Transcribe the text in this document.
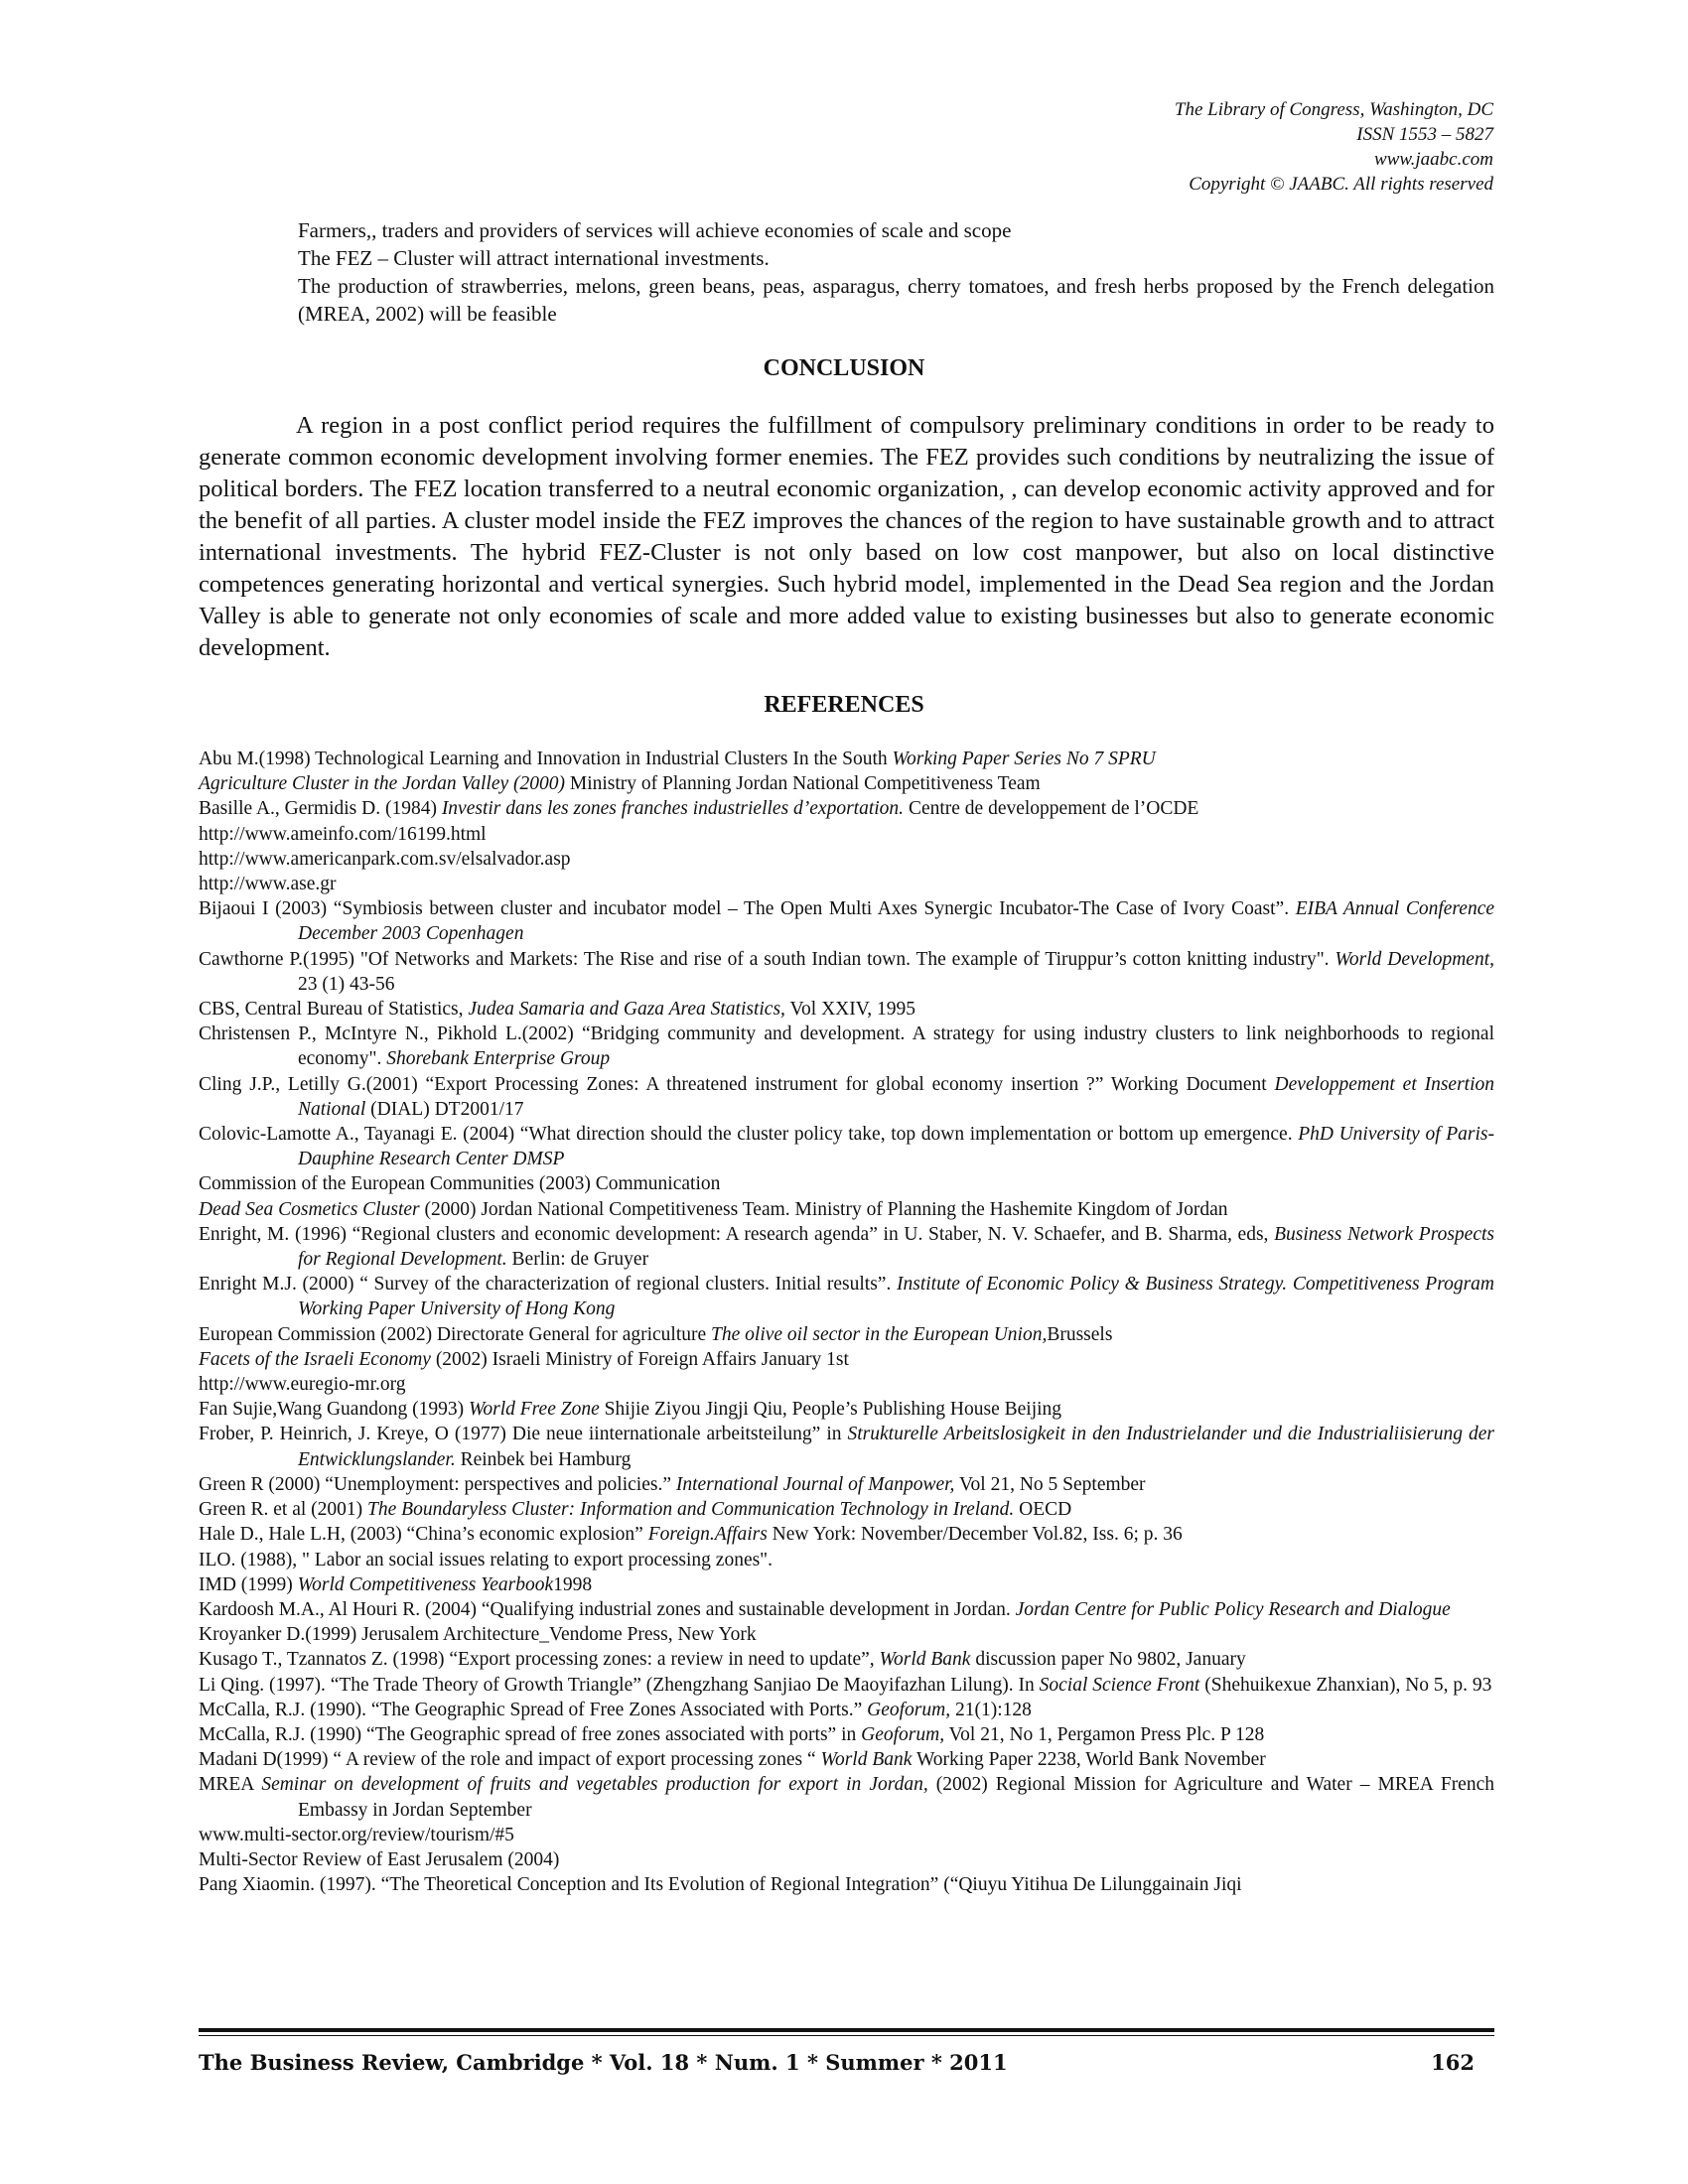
The Library of Congress, Washington, DC
ISSN 1553 – 5827
www.jaabc.com
Copyright © JAABC. All rights reserved

Farmers,, traders and providers of services will achieve economies of scale and scope

The FEZ – Cluster will attract international investments.

The production of strawberries, melons, green beans, peas, asparagus, cherry tomatoes, and fresh herbs proposed by the French delegation (MREA, 2002) will be feasible

CONCLUSION

A region in a post conflict period requires the fulfillment of compulsory preliminary conditions in order to be ready to generate common economic development involving former enemies. The FEZ provides such conditions by neutralizing the issue of political borders. The FEZ location transferred to a neutral economic organization, , can develop economic activity approved and for the benefit of all parties. A cluster model inside the FEZ improves the chances of the region to have sustainable growth and to attract international investments. The hybrid FEZ-Cluster is not only based on low cost manpower, but also on local distinctive competences generating horizontal and vertical synergies. Such hybrid model, implemented in the Dead Sea region and the Jordan Valley is able to generate not only economies of scale and more added value to existing businesses but also to generate economic development.

REFERENCES

Abu M.(1998) Technological Learning and Innovation in Industrial Clusters In the South Working Paper Series No 7 SPRU

Agriculture Cluster in the Jordan Valley (2000) Ministry of Planning Jordan National Competitiveness Team

Basille A., Germidis D. (1984) Investir dans les zones franches industrielles d’exportation. Centre de developpement de l’OCDE

http://www.ameinfo.com/16199.html

http://www.americanpark.com.sv/elsalvador.asp

http://www.ase.gr

Bijaoui I (2003) “Symbiosis between cluster and incubator model – The Open Multi Axes Synergic Incubator-The Case of Ivory Coast”. EIBA Annual Conference December 2003 Copenhagen

Cawthorne P.(1995) "Of Networks and Markets: The Rise and rise of a south Indian town. The example of Tiruppur’s cotton knitting industry". World Development, 23 (1) 43-56

CBS, Central Bureau of Statistics, Judea Samaria and Gaza Area Statistics, Vol XXIV, 1995

Christensen P., McIntyre N., Pikhold L.(2002) “Bridging community and development. A strategy for using industry clusters to link neighborhoods to regional economy". Shorebank Enterprise Group

Cling J.P., Letilly G.(2001) “Export Processing Zones: A threatened instrument for global economy insertion ?” Working Document Developpement et Insertion National (DIAL) DT2001/17

Colovic-Lamotte A., Tayanagi E. (2004) “What direction should the cluster policy take, top down implementation or bottom up emergence. PhD University of Paris-Dauphine Research Center DMSP

Commission of the European Communities (2003) Communication

Dead Sea Cosmetics Cluster (2000) Jordan National Competitiveness Team. Ministry of Planning the Hashemite Kingdom of Jordan

Enright, M. (1996) “Regional clusters and economic development: A research agenda” in U. Staber, N. V. Schaefer, and B. Sharma, eds, Business Network Prospects for Regional Development. Berlin: de Gruyer

Enright M.J. (2000) “ Survey of the characterization of regional clusters. Initial results”. Institute of Economic Policy & Business Strategy. Competitiveness Program Working Paper University of Hong Kong

European Commission (2002) Directorate General for agriculture The olive oil sector in the European Union,Brussels

Facets of the Israeli Economy (2002) Israeli Ministry of Foreign Affairs January 1st

http://www.euregio-mr.org

Fan Sujie,Wang Guandong (1993) World Free Zone Shijie Ziyou Jingji Qiu, People’s Publishing House Beijing

Frober, P. Heinrich, J. Kreye, O (1977) Die neue iinternationale arbeitsteilung” in Strukturelle Arbeitslosigkeit in den Industrielander und die Industrialiisierung der Entwicklungslander. Reinbek bei Hamburg

Green R (2000) “Unemployment: perspectives and policies.” International Journal of Manpower, Vol 21, No 5 September

Green R. et al (2001) The Boundaryless Cluster: Information and Communication Technology in Ireland. OECD

Hale D., Hale L.H, (2003) “China’s economic explosion” Foreign.Affairs New York: November/December Vol.82, Iss. 6; p. 36

ILO. (1988), " Labor an social issues relating to export processing zones".

IMD (1999) World Competitiveness Yearbook1998

Kardoosh M.A., Al Houri R. (2004) “Qualifying industrial zones and sustainable development in Jordan. Jordan Centre for Public Policy Research and Dialogue

Kroyanker D.(1999) Jerusalem Architecture_Vendome Press, New York

Kusago T., Tzannatos Z. (1998) “Export processing zones: a review in need to update”, World Bank discussion paper No 9802, January

Li Qing. (1997). “The Trade Theory of Growth Triangle” (Zhengzhang Sanjiao De Maoyifazhan Lilung). In Social Science Front (Shehuikexue Zhanxian), No 5, p. 93

McCalla, R.J. (1990). “The Geographic Spread of Free Zones Associated with Ports.” Geoforum, 21(1):128

McCalla, R.J. (1990) “The Geographic spread of free zones associated with ports” in Geoforum, Vol 21, No 1, Pergamon Press Plc. P 128

Madani D(1999) “ A review of the role and impact of export processing zones “ World Bank Working Paper 2238, World Bank November

MREA Seminar on development of fruits and vegetables production for export in Jordan, (2002) Regional Mission for Agriculture and Water – MREA French Embassy in Jordan September

www.multi-sector.org/review/tourism/#5

Multi-Sector Review of East Jerusalem (2004)

Pang Xiaomin. (1997). “The Theoretical Conception and Its Evolution of Regional Integration” (“Qiuyu Yitihua De Lilunggainain Jiqi

The Business Review, Cambridge * Vol. 18 * Num. 1 * Summer * 2011	162
